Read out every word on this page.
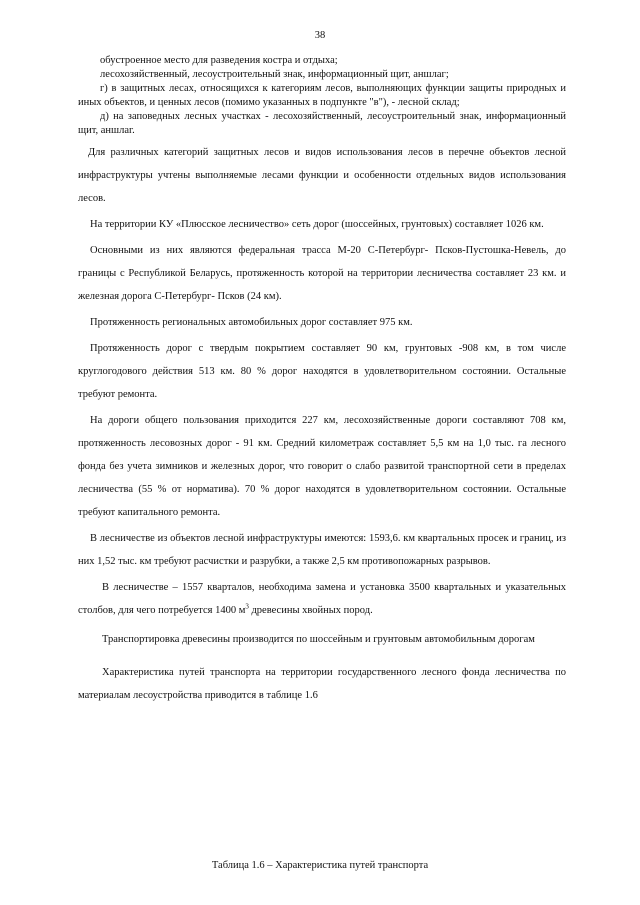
38

обустроенное место для разведения костра и отдыха;

лесохозяйственный, лесоустроительный знак, информационный щит, аншлаг;

г) в защитных лесах, относящихся к категориям лесов, выполняющих функции защиты природных и иных объектов, и ценных лесов (помимо указанных в подпункте "в"), - лесной склад;

д) на заповедных лесных участках - лесохозяйственный, лесоустроительный знак, информационный щит, аншлаг.

Для различных категорий защитных лесов и видов использования лесов в перечне объектов лесной инфраструктуры учтены выполняемые лесами функции и особенности отдельных видов использования лесов.

На территории КУ «Плюсское лесничество» сеть дорог (шоссейных, грунтовых) составляет 1026 км.

Основными из них являются федеральная трасса М-20 С-Петербург- Псков-Пустошка-Невель, до границы с Республикой Беларусь, протяженность которой на территории лесничества составляет 23 км. и железная дорога С-Петербург- Псков (24 км).

Протяженность региональных автомобильных дорог составляет 975 км.

Протяженность дорог с твердым покрытием составляет 90 км, грунтовых -908 км, в том числе круглогодового действия 513 км. 80 % дорог находятся в удовлетворительном состоянии. Остальные требуют ремонта.

На дороги общего пользования приходится 227 км, лесохозяйственные дороги составляют 708 км, протяженность лесовозных дорог - 91 км. Средний километраж составляет 5,5 км на 1,0 тыс. га лесного фонда без учета зимников и железных дорог, что говорит о слабо развитой транспортной сети в пределах лесничества (55 % от норматива). 70 % дорог находятся в удовлетворительном состоянии. Остальные требуют капитального ремонта.

В лесничестве из объектов лесной инфраструктуры имеются: 1593,6. км квартальных просек и границ, из них 1,52 тыс. км требуют расчистки и разрубки, а также 2,5 км противопожарных разрывов.

В лесничестве – 1557 кварталов, необходима замена и установка 3500 квартальных и указательных столбов, для чего потребуется 1400 $м^3$ древесины хвойных пород.

Транспортировка древесины производится по шоссейным и грунтовым автомобильным дорогам

Характеристика путей транспорта на территории государственного лесного фонда лесничества по материалам лесоустройства приводится в таблице 1.6

Таблица 1.6 – Характеристика путей транспорта
